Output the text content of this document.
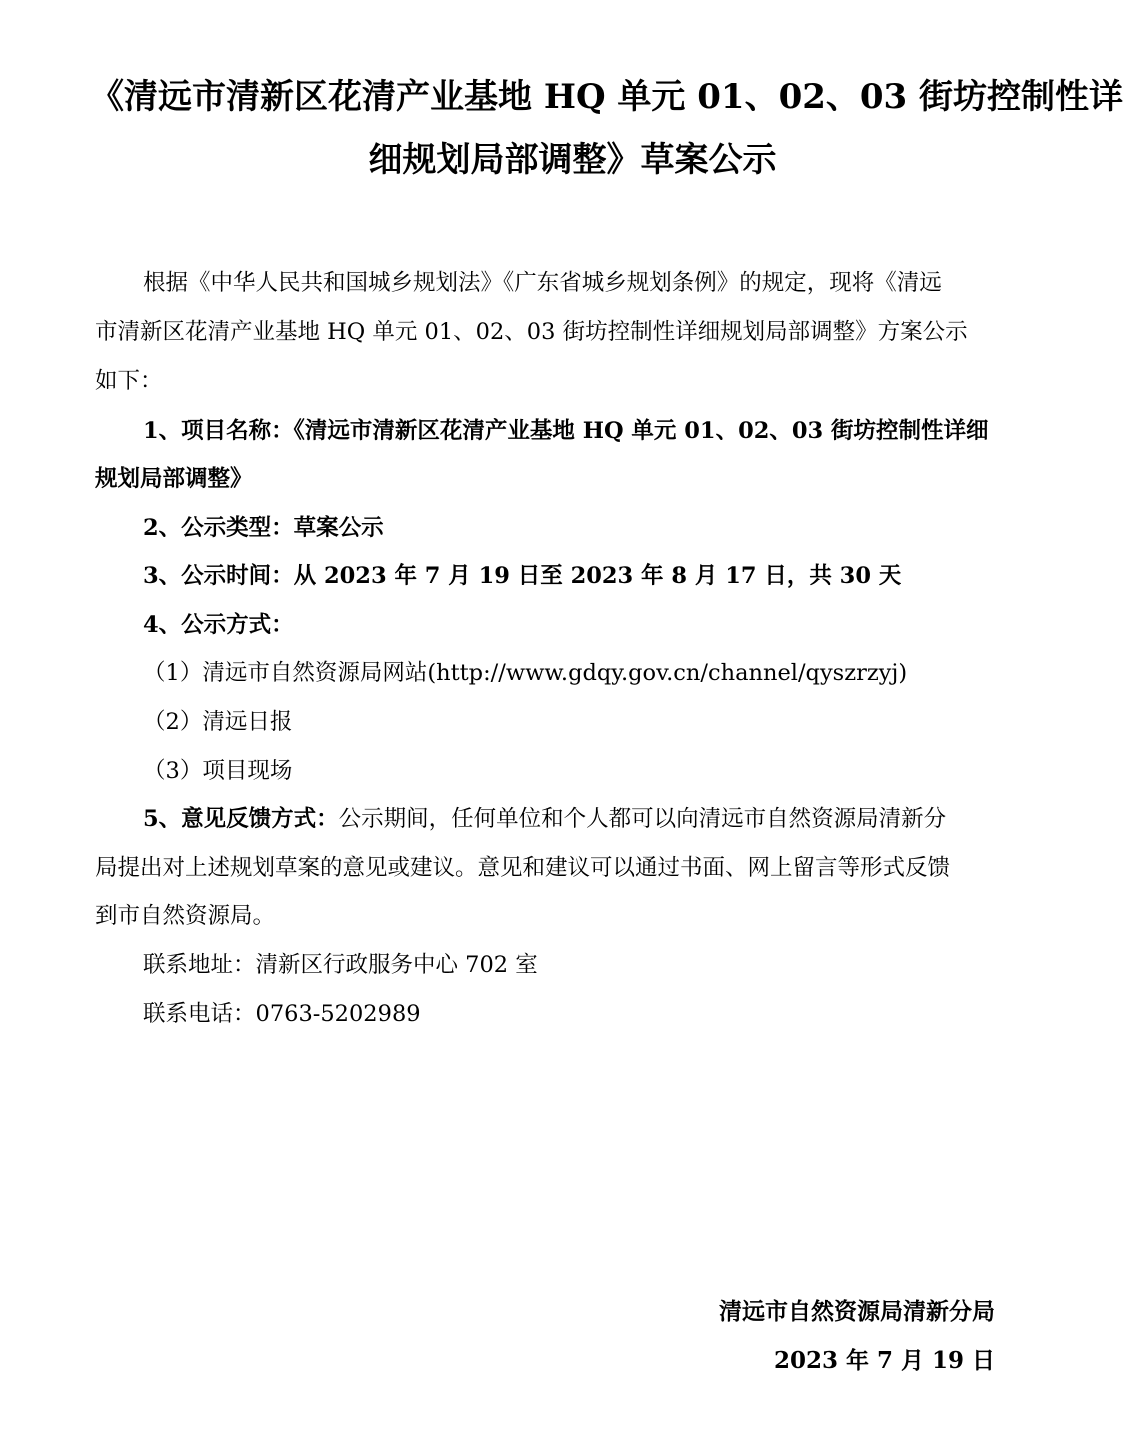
《清远市清新区花清产业基地 HQ 单元 01、02、03 街坊控制性详
细规划局部调整》草案公示
根据《中华人民共和国城乡规划法》《广东省城乡规划条例》的规定，现将《清远
市清新区花清产业基地 HQ 单元 01、02、03 街坊控制性详细规划局部调整》方案公示
如下：
1、项目名称：《清远市清新区花清产业基地 HQ 单元 01、02、03 街坊控制性详细
规划局部调整》
2、公示类型：草案公示
3、公示时间：从 2023 年 7 月 19 日至 2023 年 8 月 17 日，共 30 天
4、公示方式：
（1）清远市自然资源局网站(http://www.gdqy.gov.cn/channel/qyszrzyj)
（2）清远日报
（3）项目现场
5、意见反馈方式：公示期间，任何单位和个人都可以向清远市自然资源局清新分
局提出对上述规划草案的意见或建议。意见和建议可以通过书面、网上留言等形式反馈
到市自然资源局。
联系地址：清新区行政服务中心 702 室
联系电话：0763-5202989
清远市自然资源局清新分局
2023 年 7 月 19 日
